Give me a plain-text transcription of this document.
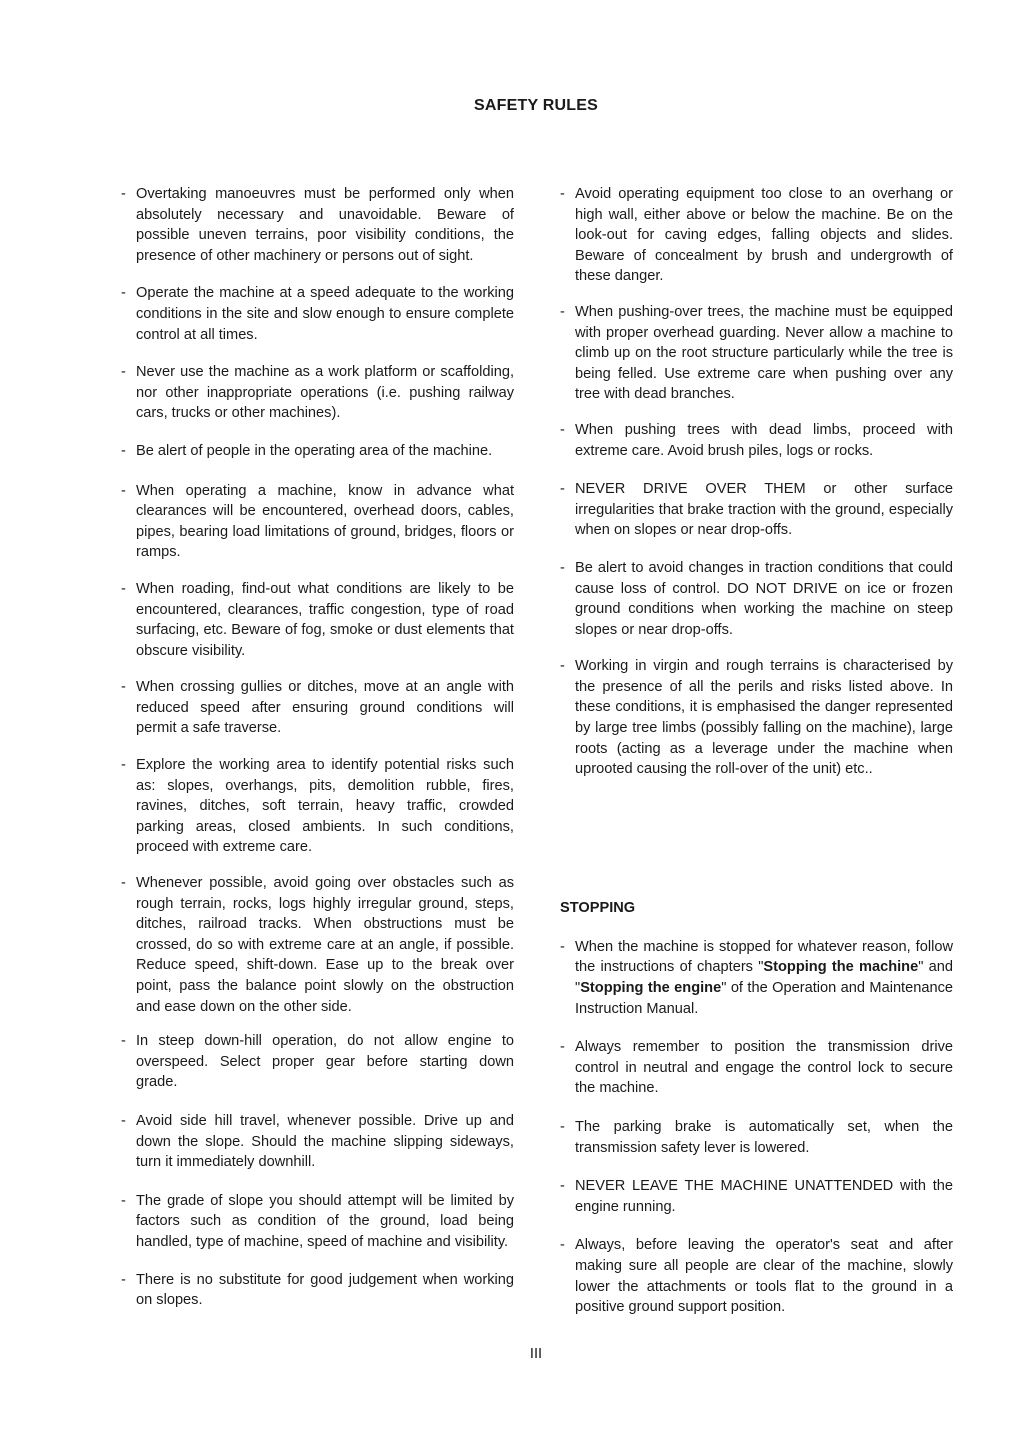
SAFETY RULES
- Overtaking manoeuvres must be performed only when absolutely necessary and unavoidable. Beware of possible uneven terrains, poor visibility conditions, the presence of other machinery or persons out of sight.
- Operate the machine at a speed adequate to the working conditions in the site and slow enough to ensure complete control at all times.
- Never use the machine as a work platform or scaffolding, nor other inappropriate operations (i.e. pushing railway cars, trucks or other machines).
- Be alert of people in the operating area of the machine.
- When operating a machine, know in advance what clearances will be encountered, overhead doors, cables, pipes, bearing load limitations of ground, bridges, floors or ramps.
- When roading, find-out what conditions are likely to be encountered, clearances, traffic congestion, type of road surfacing, etc. Beware of fog, smoke or dust elements that obscure visibility.
- When crossing gullies or ditches, move at an angle with reduced speed after ensuring ground conditions will permit a safe traverse.
- Explore the working area to identify potential risks such as: slopes, overhangs, pits, demolition rubble, fires, ravines, ditches, soft terrain, heavy traffic, crowded parking areas, closed ambients. In such conditions, proceed with extreme care.
- Whenever possible, avoid going over obstacles such as rough terrain, rocks, logs highly irregular ground, steps, ditches, railroad tracks. When obstructions must be crossed, do so with extreme care at an angle, if possible. Reduce speed, shift-down. Ease up to the break over point, pass the balance point slowly on the obstruction and ease down on the other side.
- In steep down-hill operation, do not allow engine to overspeed. Select proper gear before starting down grade.
- Avoid side hill travel, whenever possible. Drive up and down the slope. Should the machine slipping sideways, turn it immediately downhill.
- The grade of slope you should attempt will be limited by factors such as condition of the ground, load being handled, type of machine, speed of machine and visibility.
- There is no substitute for good judgement when working on slopes.
- Avoid operating equipment too close to an overhang or high wall, either above or below the machine. Be on the look-out for caving edges, falling objects and slides. Beware of concealment by brush and undergrowth of these danger.
- When pushing-over trees, the machine must be equipped with proper overhead guarding. Never allow a machine to climb up on the root structure particularly while the tree is being felled. Use extreme care when pushing over any tree with dead branches.
- When pushing trees with dead limbs, proceed with extreme care. Avoid brush piles, logs or rocks.
- NEVER DRIVE OVER THEM or other surface irregularities that brake traction with the ground, especially when on slopes or near drop-offs.
- Be alert to avoid changes in traction conditions that could cause loss of control. DO NOT DRIVE on ice or frozen ground conditions when working the machine on steep slopes or near drop-offs.
- Working in virgin and rough terrains is characterised by the presence of all the perils and risks listed above. In these conditions, it is emphasised the danger represented by large tree limbs (possibly falling on the machine), large roots (acting as a leverage under the machine when uprooted causing the roll-over of the unit) etc..
STOPPING
- When the machine is stopped for whatever reason, follow the instructions of chapters "Stopping the machine" and "Stopping the engine" of the Operation and Maintenance Instruction Manual.
- Always remember to position the transmission drive control in neutral and engage the control lock to secure the machine.
- The parking brake is automatically set, when the transmission safety lever is lowered.
- NEVER LEAVE THE MACHINE UNATTENDED with the engine running.
- Always, before leaving the operator's seat and after making sure all people are clear of the machine, slowly lower the attachments or tools flat to the ground in a positive ground support position.
III
